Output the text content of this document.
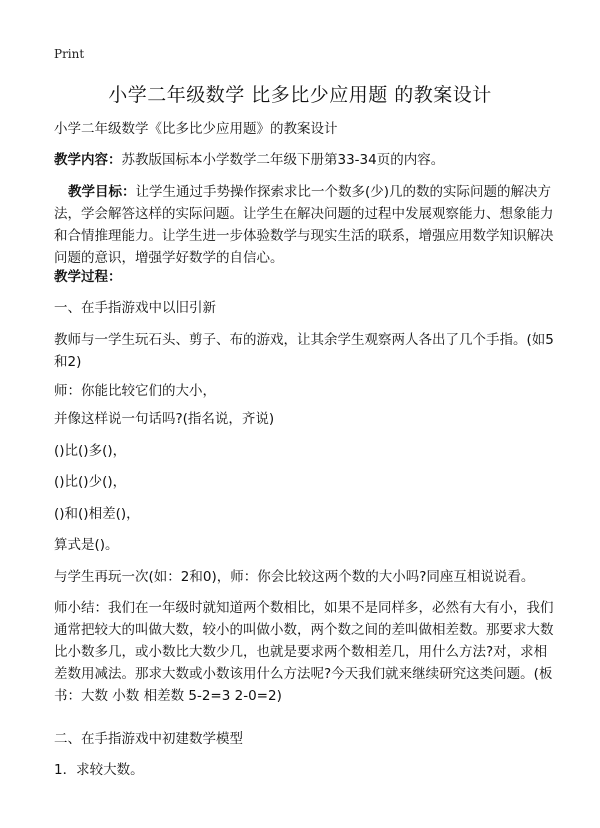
Print
小学二年级数学 比多比少应用题 的教案设计
小学二年级数学《比多比少应用题》的教案设计
教学内容：苏教版国标本小学数学二年级下册第33-34页的内容。
教学目标：让学生通过手势操作探索求比一个数多(少)几的数的实际问题的解决方法，学会解答这样的实际问题。让学生在解决问题的过程中发展观察能力、想象能力和合情推理能力。让学生进一步体验数学与现实生活的联系，增强应用数学知识解决问题的意识，增强学好数学的自信心。
教学过程：
一、在手指游戏中以旧引新
教师与一学生玩石头、剪子、布的游戏，让其余学生观察两人各出了几个手指。(如5和2)
师：你能比较它们的大小，
并像这样说一句话吗?(指名说，齐说)
()比()多()，
()比()少()，
()和()相差()，
算式是()。
与学生再玩一次(如：2和0)，师：你会比较这两个数的大小吗?同座互相说说看。
师小结：我们在一年级时就知道两个数相比，如果不是同样多，必然有大有小，我们通常把较大的叫做大数，较小的叫做小数，两个数之间的差叫做相差数。那要求大数比小数多几，或小数比大数少几，也就是要求两个数相差几，用什么方法?对，求相差数用减法。那求大数或小数该用什么方法呢?今天我们就来继续研究这类问题。(板书：大数 小数 相差数 5-2=3 2-0=2)
二、在手指游戏中初建数学模型
1．求较大数。
